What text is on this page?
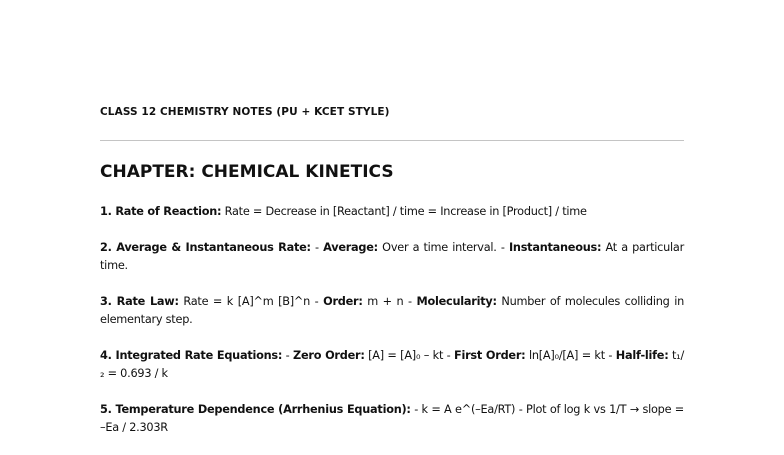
CLASS 12 CHEMISTRY NOTES (PU + KCET STYLE)
CHAPTER: CHEMICAL KINETICS

1. Rate of Reaction: Rate = Decrease in [Reactant] / time = Increase in [Product] / time

2. Average & Instantaneous Rate: - Average: Over a time interval. - Instantaneous: At a particular time.

3. Rate Law: Rate = k [A]^m [B]^n - Order: m + n - Molecularity: Number of molecules colliding in elementary step.

4. Integrated Rate Equations: - Zero Order: [A] = [A]₀ – kt - First Order: ln[A]₀/[A] = kt - Half-life: t₁/₂ = 0.693 / k

5. Temperature Dependence (Arrhenius Equation): - k = A e^(–Ea/RT) - Plot of log k vs 1/T → slope = –Ea / 2.303R
